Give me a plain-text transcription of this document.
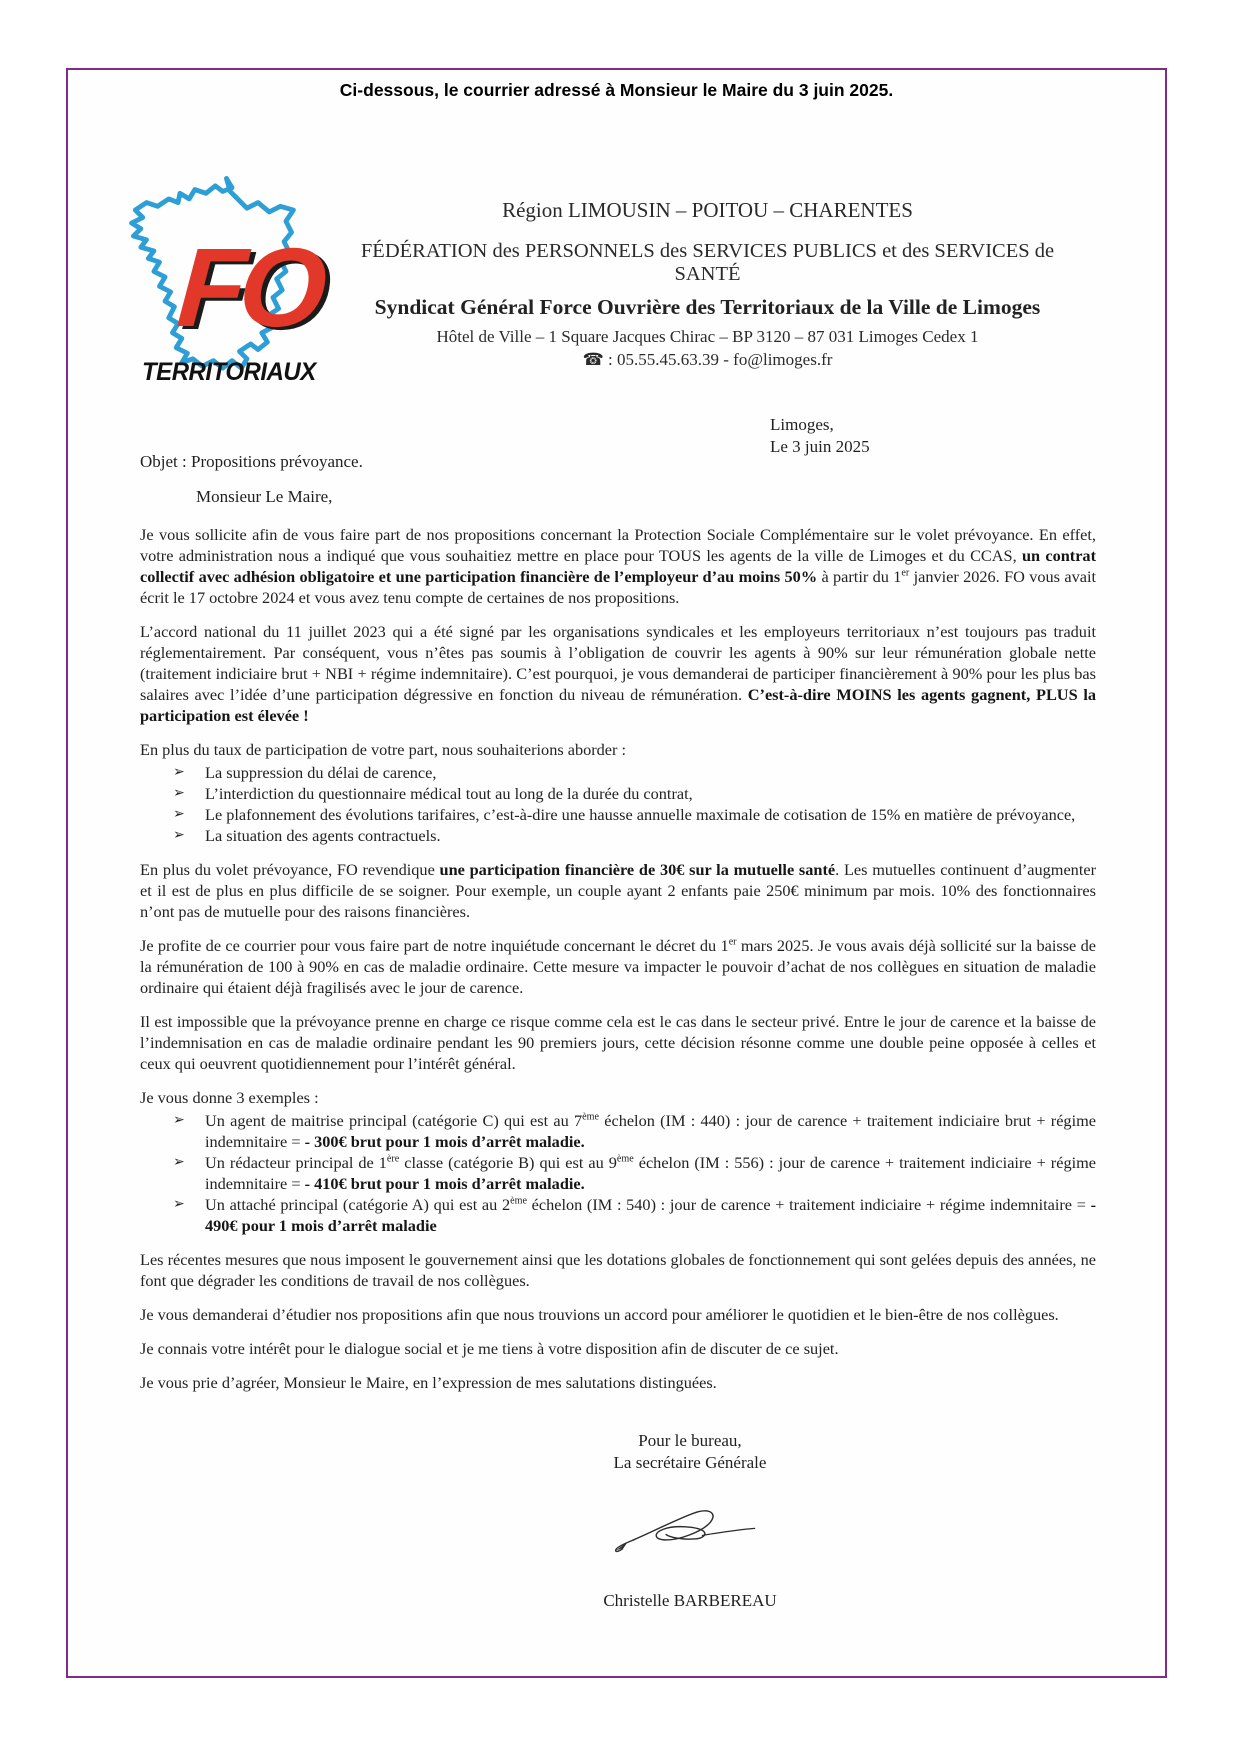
Ci-dessous, le courrier adressé à Monsieur le Maire du 3 juin 2025.
FO
TERRITORIAUX
Région LIMOUSIN – POITOU – CHARENTES
FÉDÉRATION des PERSONNELS des SERVICES PUBLICS et des SERVICES de SANTÉ
Syndicat Général Force Ouvrière des Territoriaux de la Ville de Limoges
Hôtel de Ville – 1 Square Jacques Chirac – BP 3120 – 87 031 Limoges Cedex 1
☎ : 05.55.45.63.39 - fo@limoges.fr
Limoges,
Le 3 juin 2025
Objet : Propositions prévoyance.
Monsieur Le Maire,

Je vous sollicite afin de vous faire part de nos propositions concernant la Protection Sociale Complémentaire sur le volet prévoyance. En effet, votre administration nous a indiqué que vous souhaitiez mettre en place pour TOUS les agents de la ville de Limoges et du CCAS, un contrat collectif avec adhésion obligatoire et une participation financière de l’employeur d’au moins 50% à partir du 1er janvier 2026. FO vous avait écrit le 17 octobre 2024 et vous avez tenu compte de certaines de nos propositions.

L’accord national du 11 juillet 2023 qui a été signé par les organisations syndicales et les employeurs territoriaux n’est toujours pas traduit réglementairement. Par conséquent, vous n’êtes pas soumis à l’obligation de couvrir les agents à 90% sur leur rémunération globale nette (traitement indiciaire brut + NBI + régime indemnitaire). C’est pourquoi, je vous demanderai de participer financièrement à 90% pour les plus bas salaires avec l’idée d’une participation dégressive en fonction du niveau de rémunération. C’est-à-dire MOINS les agents gagnent, PLUS la participation est élevée !

En plus du taux de participation de votre part, nous souhaiterions aborder :

➢ La suppression du délai de carence,
➢ L’interdiction du questionnaire médical tout au long de la durée du contrat,
➢ Le plafonnement des évolutions tarifaires, c’est-à-dire une hausse annuelle maximale de cotisation de 15% en matière de prévoyance,
➢ La situation des agents contractuels.

En plus du volet prévoyance, FO revendique une participation financière de 30€ sur la mutuelle santé. Les mutuelles continuent d’augmenter et il est de plus en plus difficile de se soigner. Pour exemple, un couple ayant 2 enfants paie 250€ minimum par mois. 10% des fonctionnaires n’ont pas de mutuelle pour des raisons financières.

Je profite de ce courrier pour vous faire part de notre inquiétude concernant le décret du 1er mars 2025. Je vous avais déjà sollicité sur la baisse de la rémunération de 100 à 90% en cas de maladie ordinaire. Cette mesure va impacter le pouvoir d’achat de nos collègues en situation de maladie ordinaire qui étaient déjà fragilisés avec le jour de carence.

Il est impossible que la prévoyance prenne en charge ce risque comme cela est le cas dans le secteur privé. Entre le jour de carence et la baisse de l’indemnisation en cas de maladie ordinaire pendant les 90 premiers jours, cette décision résonne comme une double peine opposée à celles et ceux qui oeuvrent quotidiennement pour l’intérêt général.

Je vous donne 3 exemples :

➢ Un agent de maitrise principal (catégorie C) qui est au 7ème échelon (IM : 440) : jour de carence + traitement indiciaire brut + régime indemnitaire = - 300€ brut pour 1 mois d’arrêt maladie.
➢ Un rédacteur principal de 1ère classe (catégorie B) qui est au 9ème échelon (IM : 556) : jour de carence + traitement indiciaire + régime indemnitaire = - 410€ brut pour 1 mois d’arrêt maladie.
➢ Un attaché principal (catégorie A) qui est au 2ème échelon (IM : 540) : jour de carence + traitement indiciaire + régime indemnitaire = - 490€ pour 1 mois d’arrêt maladie

Les récentes mesures que nous imposent le gouvernement ainsi que les dotations globales de fonctionnement qui sont gelées depuis des années, ne font que dégrader les conditions de travail de nos collègues.

Je vous demanderai d’étudier nos propositions afin que nous trouvions un accord pour améliorer le quotidien et le bien-être de nos collègues.

Je connais votre intérêt pour le dialogue social et je me tiens à votre disposition afin de discuter de ce sujet.

Je vous prie d’agréer, Monsieur le Maire, en l’expression de mes salutations distinguées.

Pour le bureau,
La secrétaire Générale
Christelle BARBEREAU
